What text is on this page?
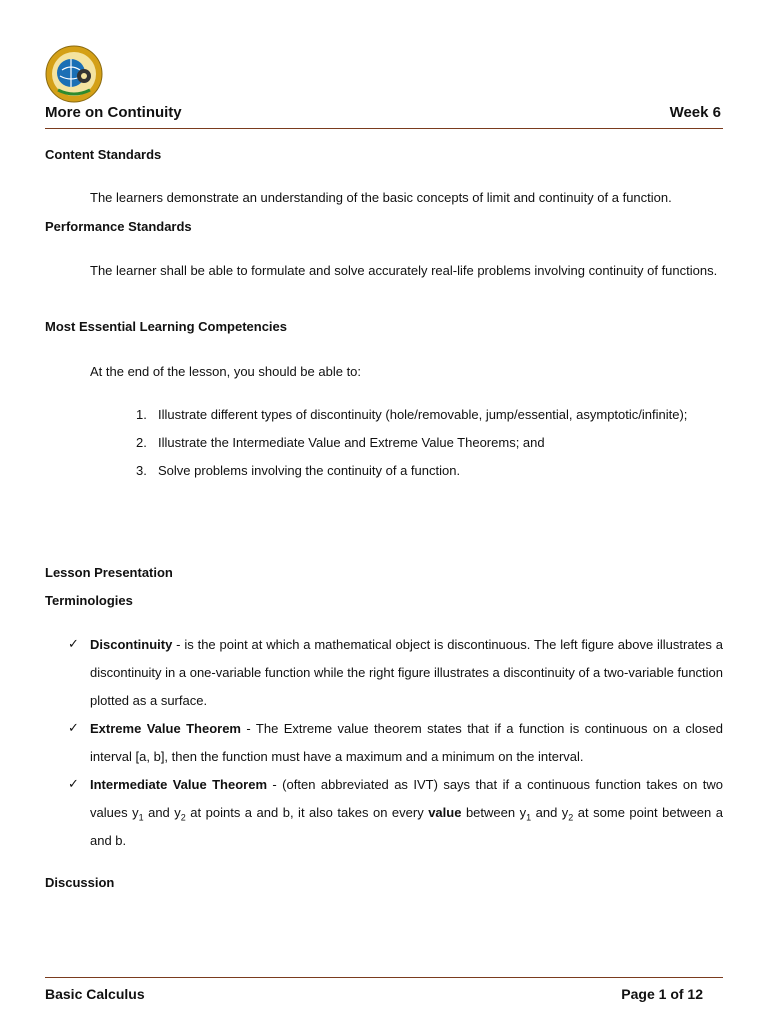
More on Continuity	Week 6
Content Standards
The learners demonstrate an understanding of the basic concepts of limit and continuity of a function.
Performance Standards
The learner shall be able to formulate and solve accurately real-life problems involving continuity of functions.
Most Essential Learning Competencies
At the end of the lesson, you should be able to:
1. Illustrate different types of discontinuity (hole/removable, jump/essential, asymptotic/infinite);
2. Illustrate the Intermediate Value and Extreme Value Theorems; and
3. Solve problems involving the continuity of a function.
Lesson Presentation
Terminologies
✓ Discontinuity - is the point at which a mathematical object is discontinuous. The left figure above illustrates a discontinuity in a one-variable function while the right figure illustrates a discontinuity of a two-variable function plotted as a surface.
✓ Extreme Value Theorem - The Extreme value theorem states that if a function is continuous on a closed interval [a, b], then the function must have a maximum and a minimum on the interval.
✓ Intermediate Value Theorem - (often abbreviated as IVT) says that if a continuous function takes on two values $y_1$ and $y_2$ at points a and b, it also takes on every value between $y_1$ and $y_2$ at some point between a and b.
Discussion
Basic Calculus	Page 1 of 12
